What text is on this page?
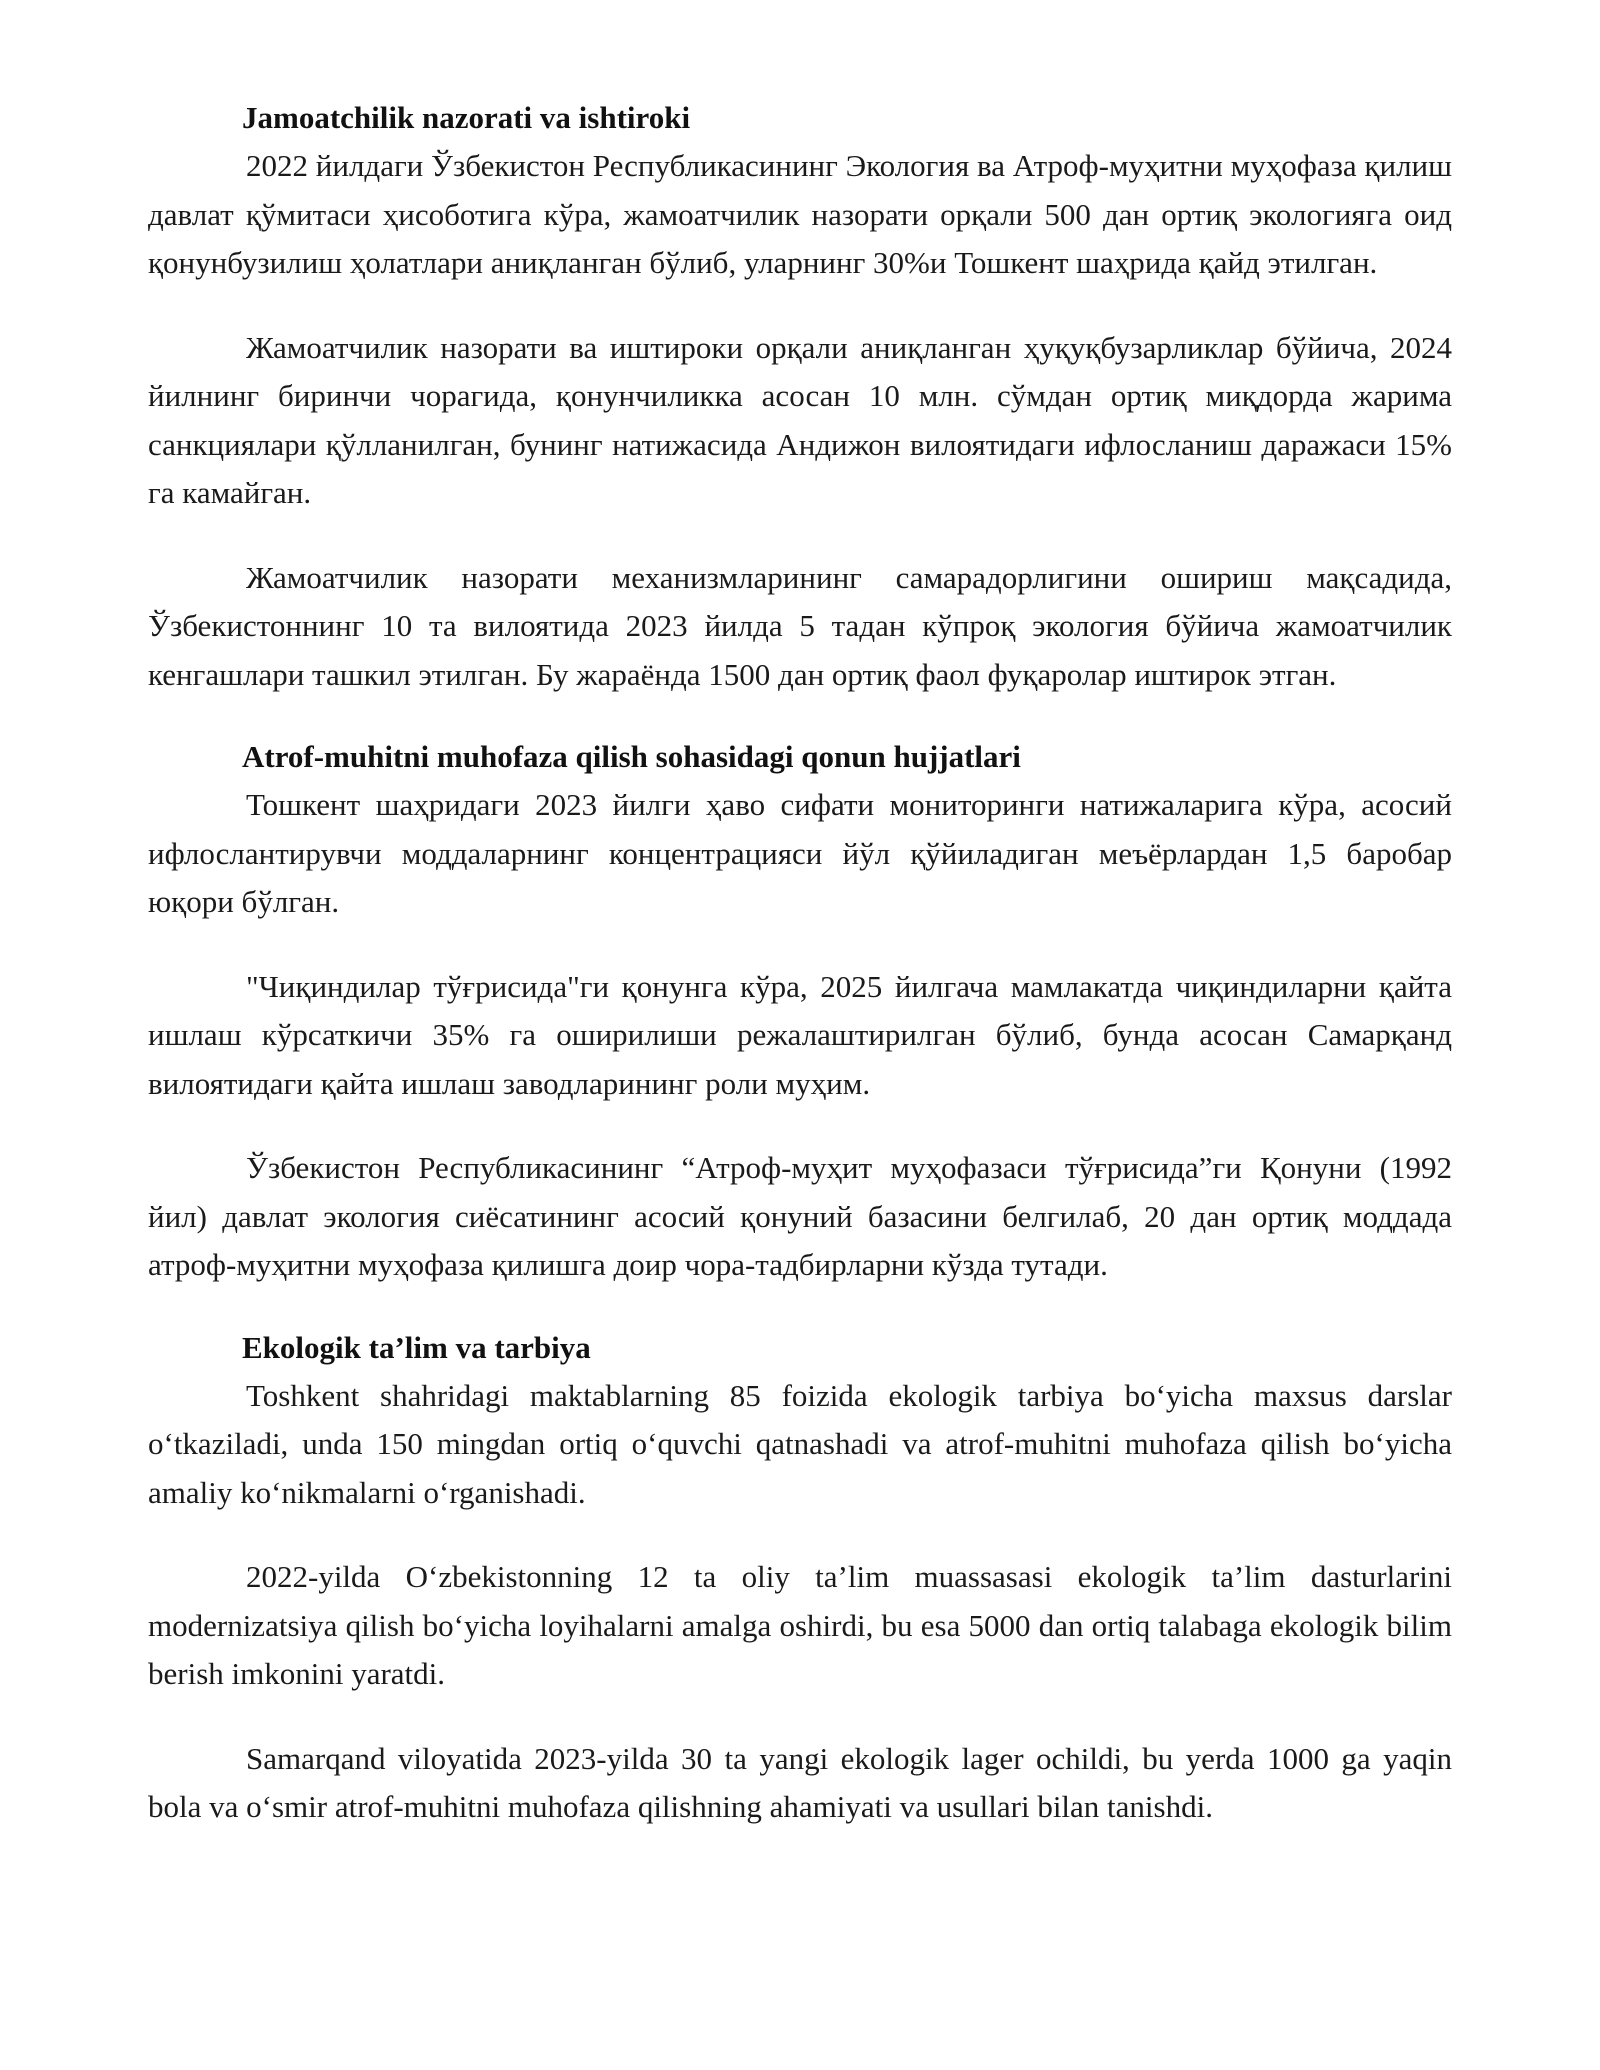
Jamoatchilik nazorati va ishtiroki

2022 йилдаги Ўзбекистон Республикасининг Экология ва Атроф-муҳитни муҳофаза қилиш давлат қўмитаси ҳисоботига кўра, жамоатчилик назорати орқали 500 дан ортиқ экологияга оид қонунбузилиш ҳолатлари аниқланган бўлиб, уларнинг 30%и Тошкент шаҳрида қайд этилган.

Жамоатчилик назорати ва иштироки орқали аниқланган ҳуқуқбузарликлар бўйича, 2024 йилнинг биринчи чорагида, қонунчиликка асосан 10 млн. сўмдан ортиқ миқдорда жарима санкциялари қўлланилган, бунинг натижасида Андижон вилоятидаги ифлосланиш даражаси 15% га камайган.

Жамоатчилик назорати механизмларининг самарадорлигини ошириш мақсадида, Ўзбекистоннинг 10 та вилоятида 2023 йилда 5 тадан кўпроқ экология бўйича жамоатчилик кенгашлари ташкил этилган. Бу жараёнда 1500 дан ортиқ фаол фуқаролар иштирок этган.

Atrof-muhitni muhofaza qilish sohasidagi qonun hujjatlari

Тошкент шаҳридаги 2023 йилги ҳаво сифати мониторинги натижаларига кўра, асосий ифлослантирувчи моддаларнинг концентрацияси йўл қўйиладиган меъёрлардан 1,5 баробар юқори бўлган.

"Чиқиндилар тўғрисида"ги қонунга кўра, 2025 йилгача мамлакатда чиқиндиларни қайта ишлаш кўрсаткичи 35% га оширилиши режалаштирилган бўлиб, бунда асосан Самарқанд вилоятидаги қайта ишлаш заводларининг роли муҳим.

Ўзбекистон Республикасининг “Атроф-муҳит муҳофазаси тўғрисида”ги Қонуни (1992 йил) давлат экология сиёсатининг асосий қонуний базасини белгилаб, 20 дан ортиқ моддада атроф-муҳитни муҳофаза қилишга доир чора-тадбирларни кўзда тутади.

Ekologik ta’lim va tarbiya

Toshkent shahridagi maktablarning 85 foizida ekologik tarbiya boʻyicha maxsus darslar oʻtkaziladi, unda 150 mingdan ortiq oʻquvchi qatnashadi va atrof-muhitni muhofaza qilish boʻyicha amaliy koʻnikmalarni oʻrganishadi.

2022-yilda Oʻzbekistonning 12 ta oliy ta’lim muassasasi ekologik ta’lim dasturlarini modernizatsiya qilish boʻyicha loyihalarni amalga oshirdi, bu esa 5000 dan ortiq talabaga ekologik bilim berish imkonini yaratdi.

Samarqand viloyatida 2023-yilda 30 ta yangi ekologik lager ochildi, bu yerda 1000 ga yaqin bola va oʻsmir atrof-muhitni muhofaza qilishning ahamiyati va usullari bilan tanishdi.
